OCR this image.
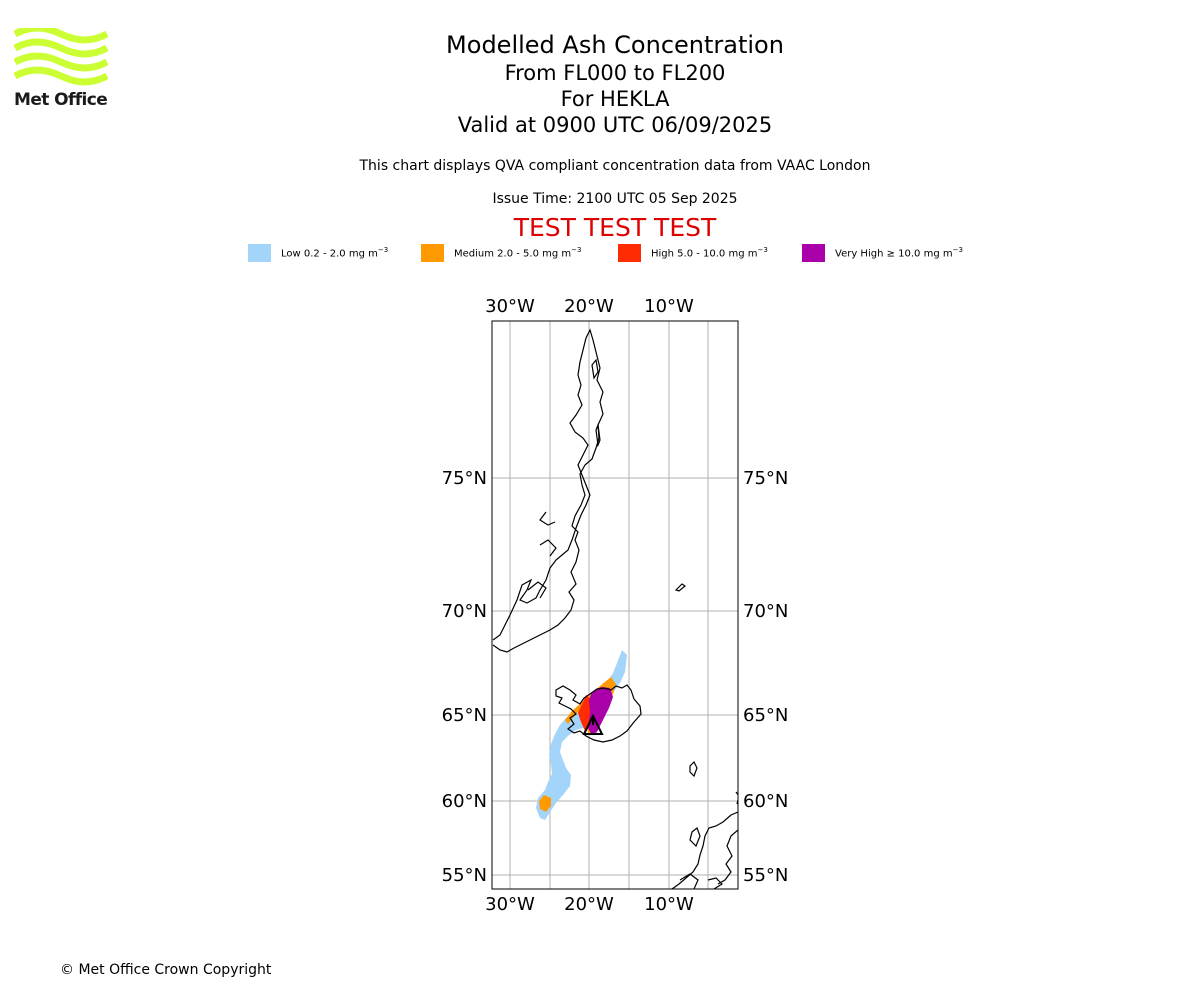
Met Office
Modelled Ash Concentration
From FL000 to FL200
For HEKLA
Valid at 0900 UTC 06/09/2025
This chart displays QVA compliant concentration data from VAAC London
Issue Time: 2100 UTC 05 Sep 2025
TEST TEST TEST
Low 0.2 - 2.0 mg $m^{-3}$	Medium 2.0 - 5.0 mg $m^{-3}$	High 5.0 - 10.0 mg $m^{-3}$	Very High ≥ 10.0 mg $m^{-3}$
30°W 20°W 10°W
30°W 20°W 10°W
75°N
70°N
65°N
60°N
55°N
75°N
70°N
65°N
60°N
55°N
© Met Office Crown Copyright
